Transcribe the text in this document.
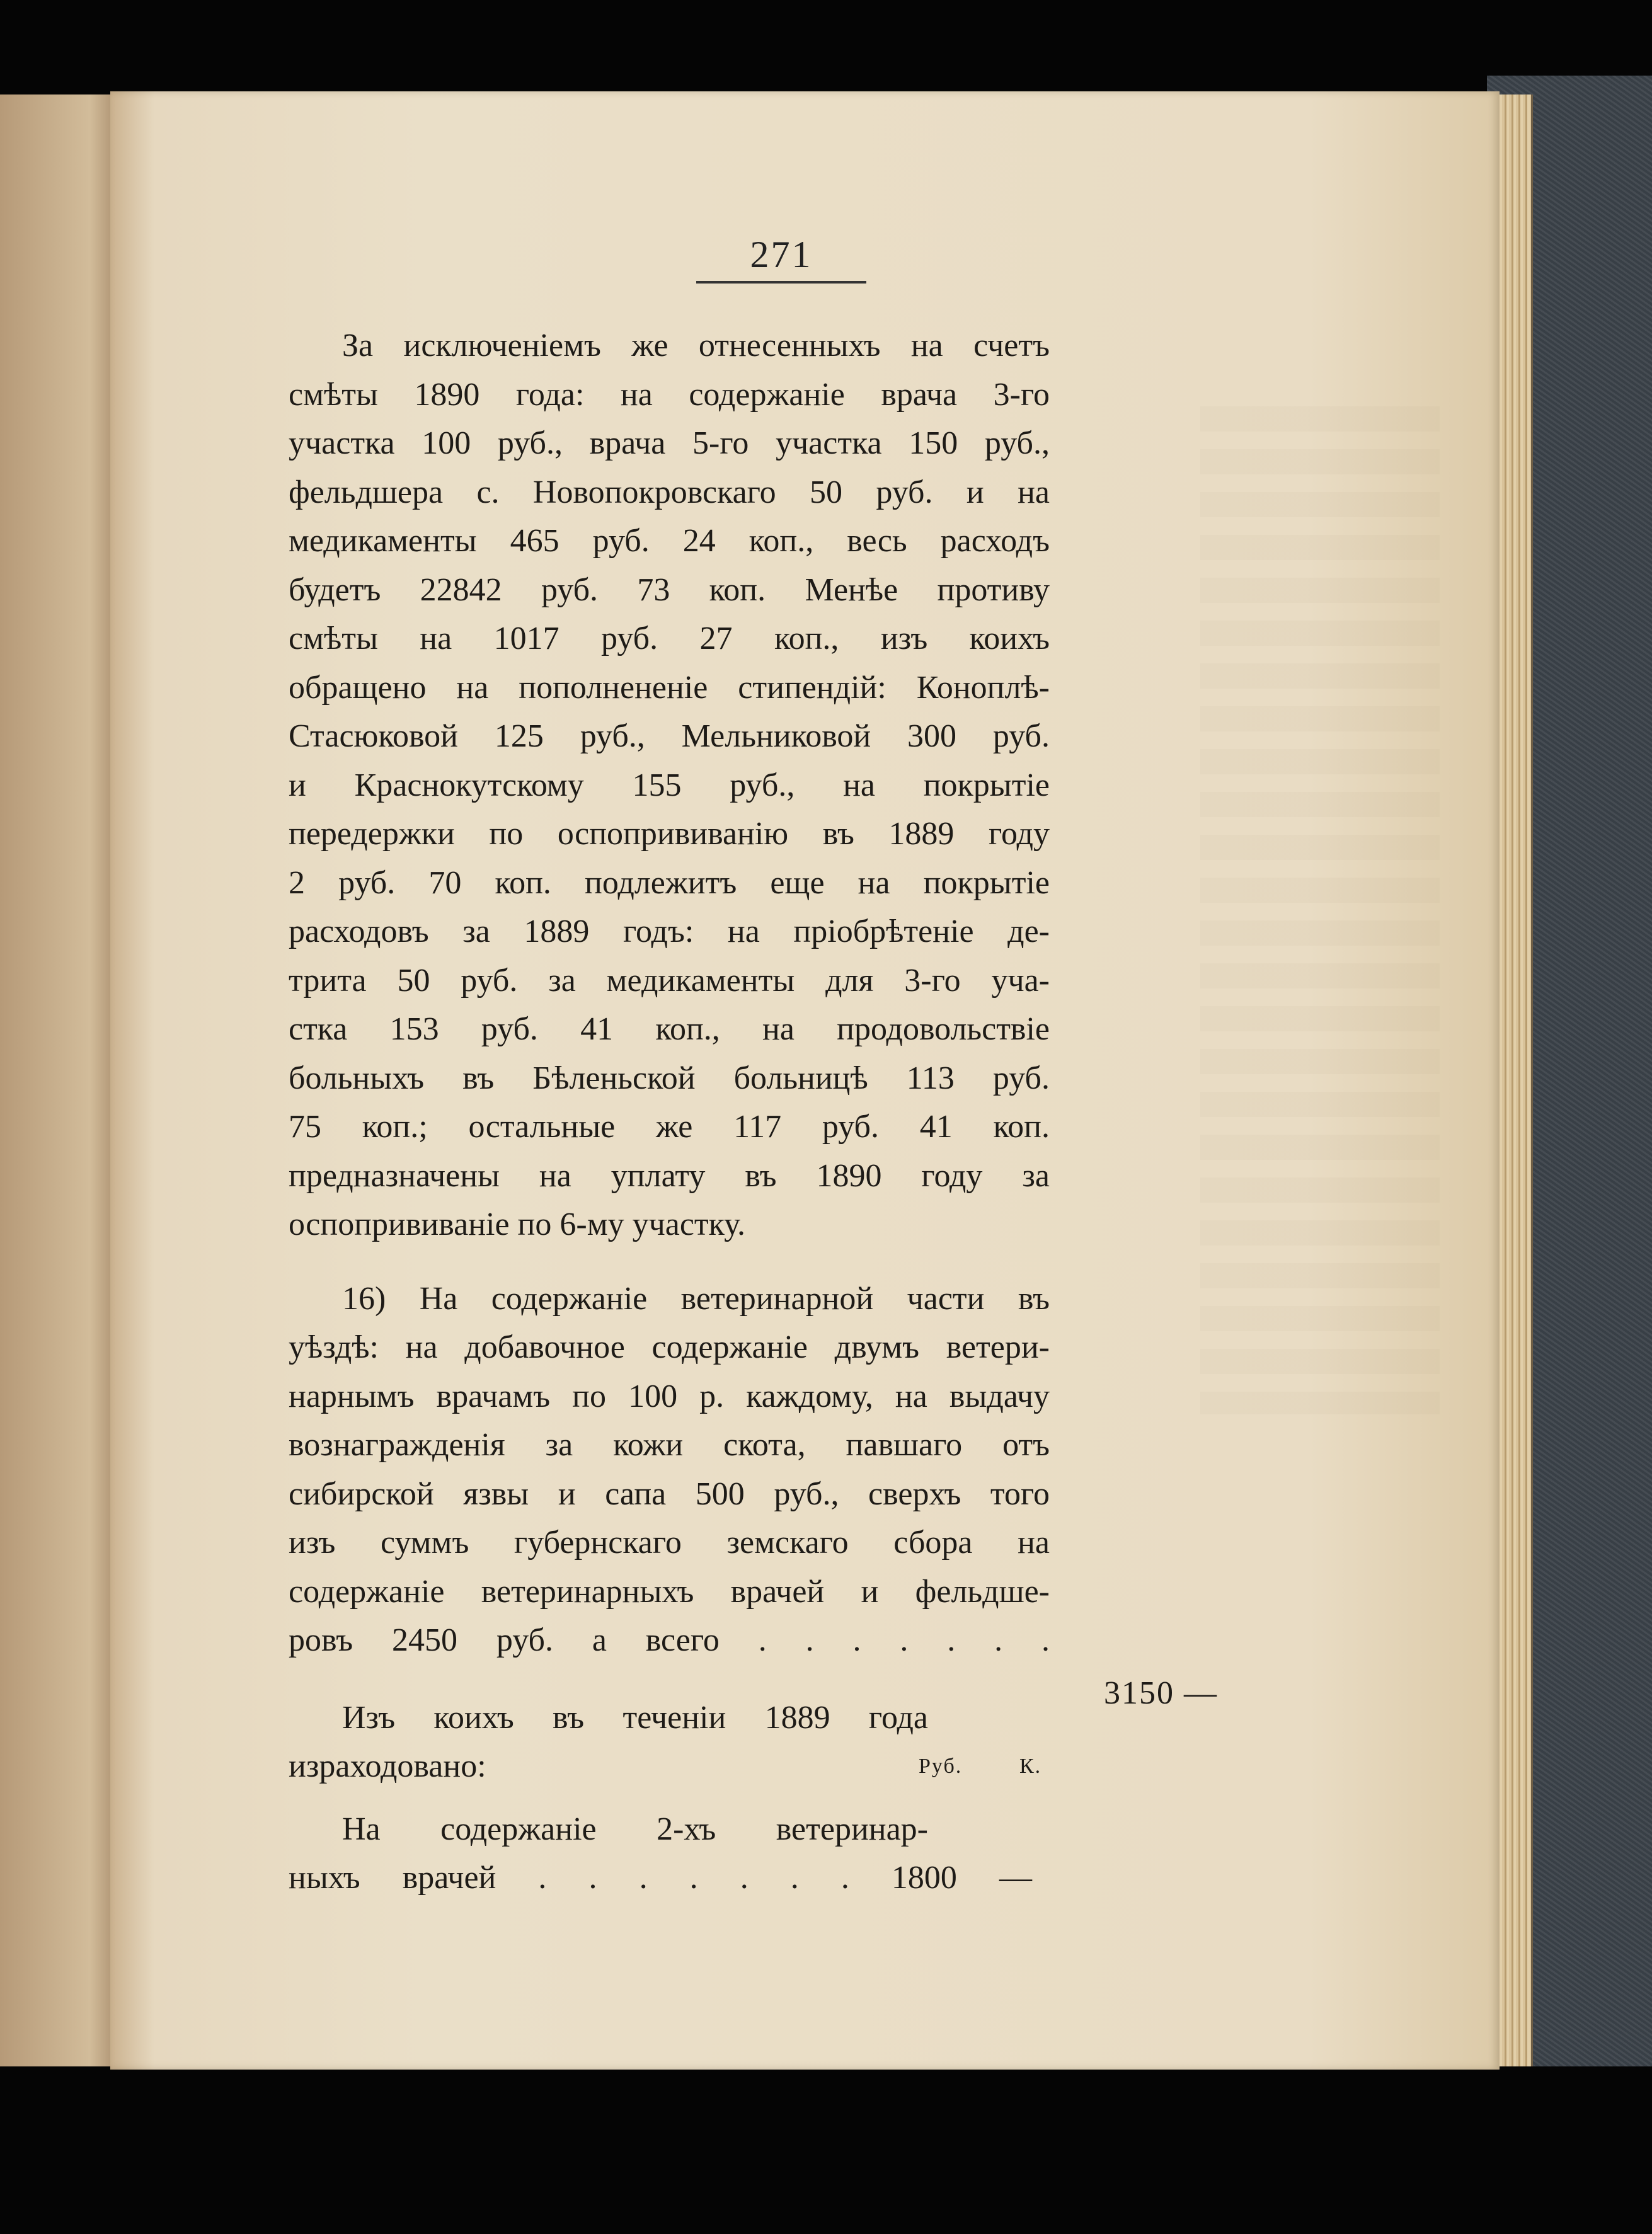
271
За исключенiемъ же отнесенныхъ на счетъ
смѣты 1890 года: на содержанiе врача 3-го
участка 100 руб., врача 5-го участка 150 руб.,
фельдшера с. Новопокровскаго 50 руб. и на
медикаменты 465 руб. 24 коп., весь расходъ
будетъ 22842 руб. 73 коп. Менѣе противу
смѣты на 1017 руб. 27 коп., изъ коихъ
обращено на пополнененiе стипендiй: Коноплѣ-
Стасюковой 125 руб., Мельниковой 300 руб.
и Краснокутскому 155 руб., на покрытiе
передержки по оспопрививанiю въ 1889 году
2 руб. 70 коп. подлежитъ еще на покрытiе
расходовъ за 1889 годъ: на прiобрѣтенiе де-
трита 50 руб. за медикаменты для 3-го уча-
стка 153 руб. 41 коп., на продовольствiе
больныхъ въ Бѣленьской больницѣ 113 руб.
75 коп.; остальные же 117 руб. 41 коп.
предназначены на уплату въ 1890 году за
оспопрививанiе по 6-му участку.
16) На содержанiе ветеринарной части въ
уѣздѣ: на добавочное содержанiе двумъ ветери-
нарнымъ врачамъ по 100 р. каждому, на выдачу
вознагражденiя за кожи скота, павшаго отъ
сибирской язвы и сапа 500 руб., сверхъ того
изъ суммъ губернскаго земскаго сбора на
содержанiе ветеринарныхъ врачей и фельдше-
ровъ 2450 руб. а всего . . . . . . .
Изъ коихъ въ теченiи 1889 года
израходовано:	Руб.	К.
На содержанiе 2-хъ ветеринар-
ныхъ врачей . . . . . . . 1800 —
3150 —
